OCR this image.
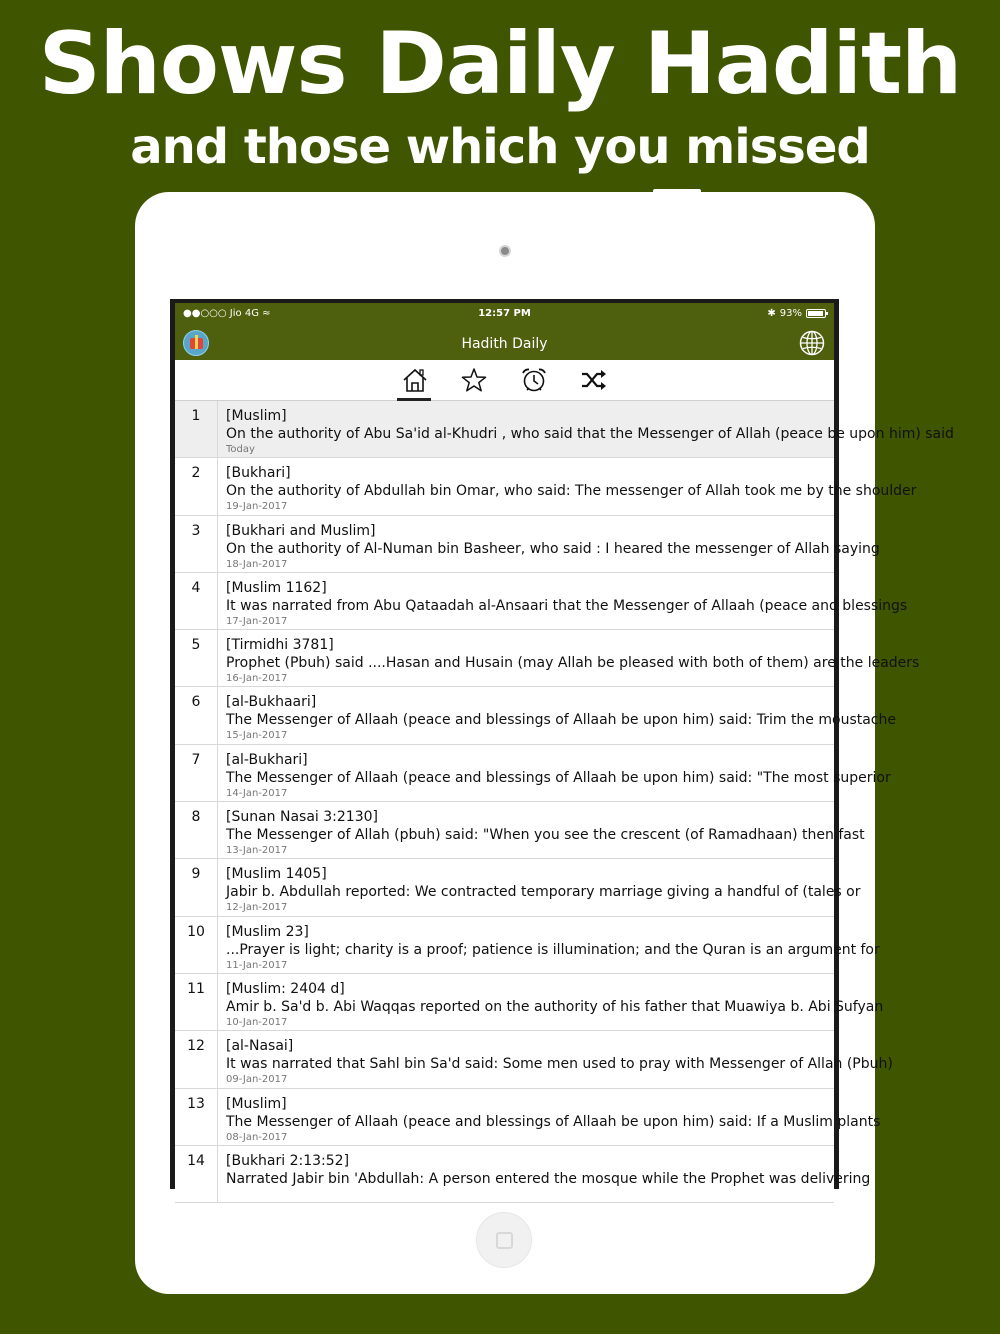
Shows Daily Hadith
and those which you missed
●●○○○ Jio 4G ≈	12:57 PM	✱ 93%
Hadith Daily
1	[Muslim]
On the authority of Abu Sa'id al-Khudri , who said that the Messenger of Allah (peace be upon him) said
Today
2	[Bukhari]
On the authority of Abdullah bin Omar, who said: The messenger of Allah took me by the shoulder
19-Jan-2017
3	[Bukhari and Muslim]
On the authority of Al-Numan bin Basheer, who said : I heared the messenger of Allah saying
18-Jan-2017
4	[Muslim 1162]
It was narrated from Abu Qataadah al-Ansaari that the Messenger of Allaah (peace and blessings
17-Jan-2017
5	[Tirmidhi 3781]
Prophet (Pbuh) said ....Hasan and Husain (may Allah be pleased with both of them) are the leaders
16-Jan-2017
6	[al-Bukhaari]
The Messenger of Allaah (peace and blessings of Allaah be upon him) said: Trim the moustache
15-Jan-2017
7	[al-Bukhari]
The Messenger of Allaah (peace and blessings of Allaah be upon him) said: "The most superior
14-Jan-2017
8	[Sunan Nasai 3:2130]
The Messenger of Allah (pbuh) said: "When you see the crescent (of Ramadhaan) then fast
13-Jan-2017
9	[Muslim 1405]
Jabir b. Abdullah reported: We contracted temporary marriage giving a handful of (tales or
12-Jan-2017
10	[Muslim 23]
...Prayer is light; charity is a proof; patience is illumination; and the Quran is an argument for
11-Jan-2017
11	[Muslim: 2404 d]
Amir b. Sa'd b. Abi Waqqas reported on the authority of his father that Muawiya b. Abi Sufyan
10-Jan-2017
12	[al-Nasai]
It was narrated that Sahl bin Sa'd said: Some men used to pray with Messenger of Allah (Pbuh)
09-Jan-2017
13	[Muslim]
The Messenger of Allaah (peace and blessings of Allaah be upon him) said: If a Muslim plants
08-Jan-2017
14	[Bukhari 2:13:52]
Narrated Jabir bin 'Abdullah: A person entered the mosque while the Prophet was delivering
